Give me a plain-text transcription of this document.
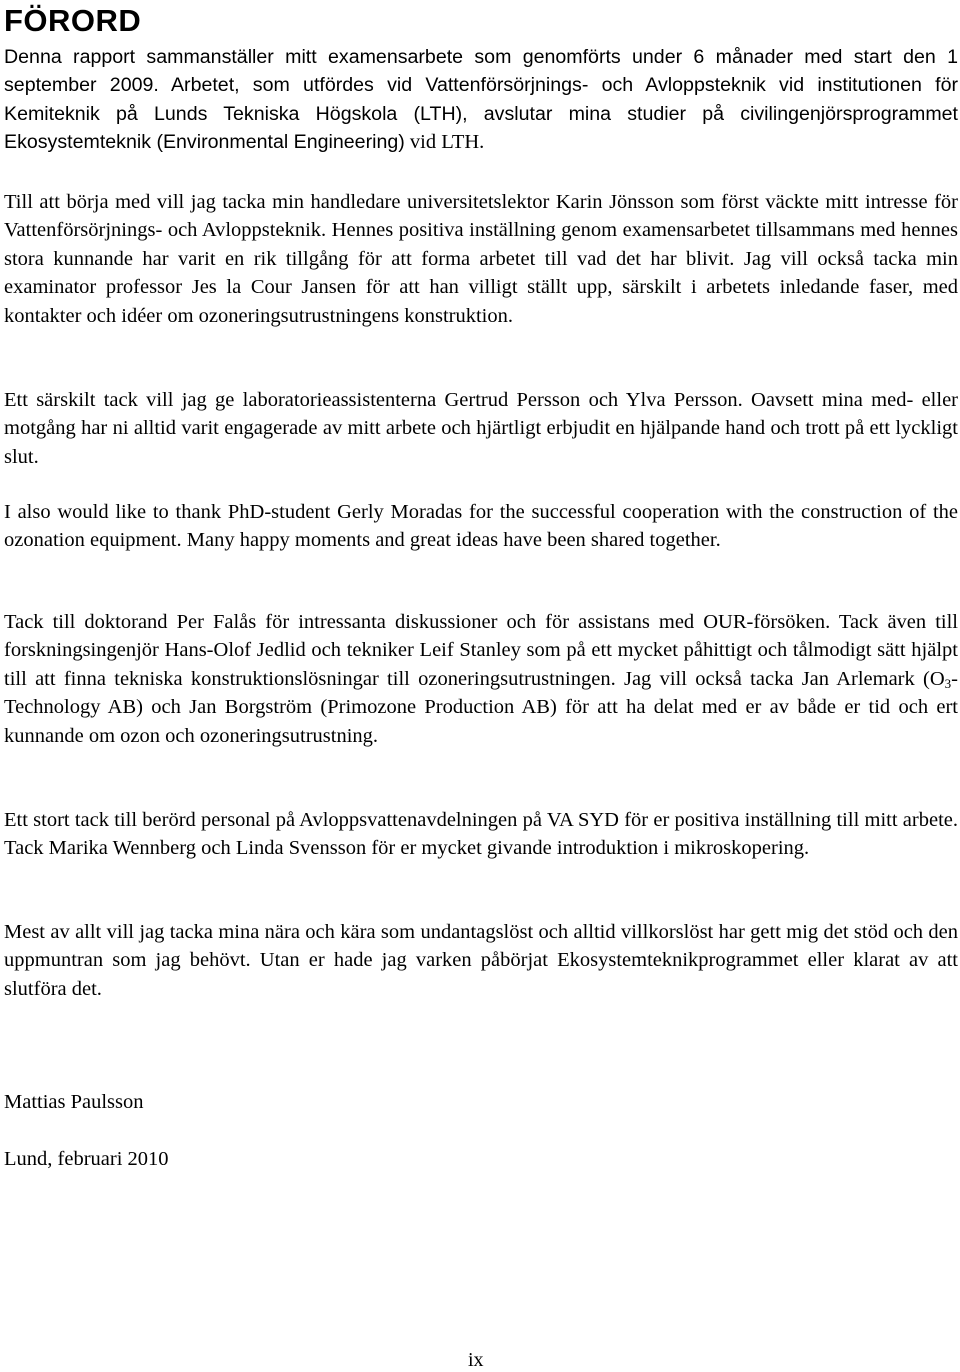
FÖRORD

Denna rapport sammanställer mitt examensarbete som genomförts under 6 månader med start den 1 september 2009. Arbetet, som utfördes vid Vattenförsörjnings- och Avloppsteknik vid institutionen för Kemiteknik på Lunds Tekniska Högskola (LTH), avslutar mina studier på civilingenjörsprogrammet Ekosystemteknik (Environmental Engineering) vid LTH.

Till att börja med vill jag tacka min handledare universitetslektor Karin Jönsson som först väckte mitt intresse för Vattenförsörjnings- och Avloppsteknik. Hennes positiva inställning genom examensarbetet tillsammans med hennes stora kunnande har varit en rik tillgång för att forma arbetet till vad det har blivit. Jag vill också tacka min examinator professor Jes la Cour Jansen för att han villigt ställt upp, särskilt i arbetets inledande faser, med kontakter och idéer om ozoneringsutrustningens konstruktion.

Ett särskilt tack vill jag ge laboratorieassistenterna Gertrud Persson och Ylva Persson. Oavsett mina med- eller motgång har ni alltid varit engagerade av mitt arbete och hjärtligt erbjudit en hjälpande hand och trott på ett lyckligt slut.

I also would like to thank PhD-student Gerly Moradas for the successful cooperation with the construction of the ozonation equipment. Many happy moments and great ideas have been shared together.

Tack till doktorand Per Falås för intressanta diskussioner och för assistans med OUR-försöken. Tack även till forskningsingenjör Hans-Olof Jedlid och tekniker Leif Stanley som på ett mycket påhittigt och tålmodigt sätt hjälpt till att finna tekniska konstruktionslösningar till ozoneringsutrustningen. Jag vill också tacka Jan Arlemark ($O_3$-Technology AB) och Jan Borgström (Primozone Production AB) för att ha delat med er av både er tid och ert kunnande om ozon och ozoneringsutrustning.

Ett stort tack till berörd personal på Avloppsvattenavdelningen på VA SYD för er positiva inställning till mitt arbete. Tack Marika Wennberg och Linda Svensson för er mycket givande introduktion i mikroskopering.

Mest av allt vill jag tacka mina nära och kära som undantagslöst och alltid villkorslöst har gett mig det stöd och den uppmuntran som jag behövt. Utan er hade jag varken påbörjat Ekosystemteknikprogrammet eller klarat av att slutföra det.

Mattias Paulsson

Lund, februari 2010

ix
